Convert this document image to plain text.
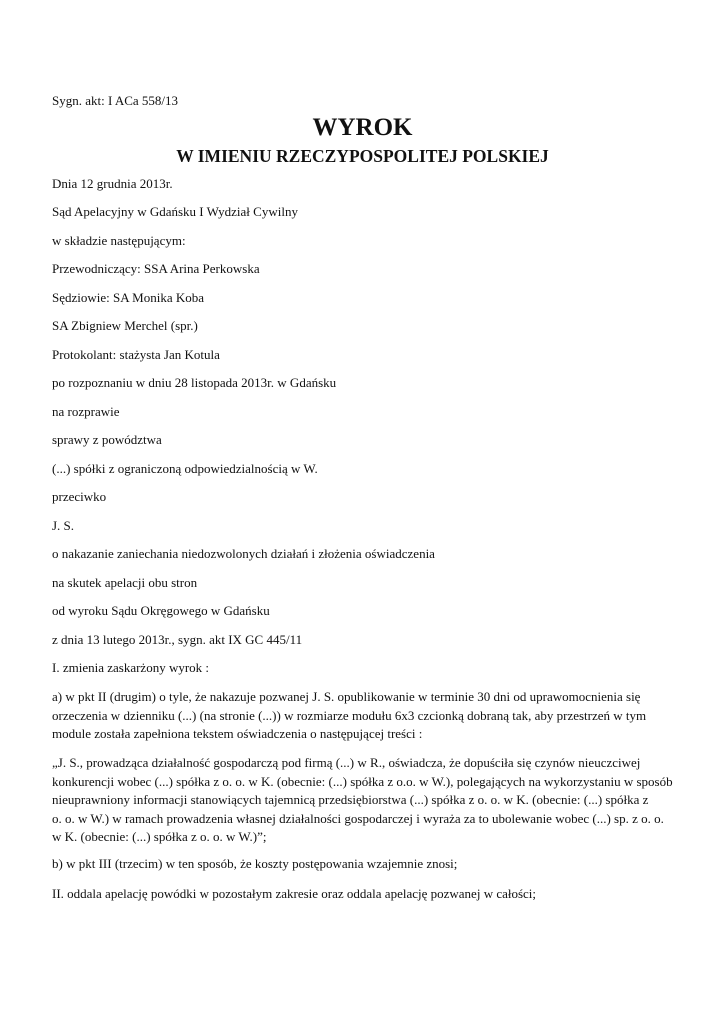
Sygn. akt: I ACa 558/13

WYROK
W IMIENIU RZECZYPOSPOLITEJ POLSKIEJ

Dnia 12 grudnia 2013r.

Sąd Apelacyjny w Gdańsku I Wydział Cywilny

w składzie następującym:

Przewodniczący: SSA Arina Perkowska

Sędziowie: SA Monika Koba

SA Zbigniew Merchel (spr.)

Protokolant: stażysta Jan Kotula

po rozpoznaniu w dniu 28 listopada 2013r. w Gdańsku

na rozprawie

sprawy z powództwa

(...) spółki z ograniczoną odpowiedzialnością w W.

przeciwko

J. S.

o nakazanie zaniechania niedozwolonych działań i złożenia oświadczenia

na skutek apelacji obu stron

od wyroku Sądu Okręgowego w Gdańsku

z dnia 13 lutego 2013r., sygn. akt IX GC 445/11

I. zmienia zaskarżony wyrok :

a) w pkt II (drugim) o tyle, że nakazuje pozwanej J. S. opublikowanie w terminie 30 dni od uprawomocnienia się
orzeczenia w dzienniku (...) (na stronie (...)) w rozmiarze modułu 6x3 czcionką dobraną tak, aby przestrzeń w tym
module została zapełniona tekstem oświadczenia o następującej treści :
„J. S., prowadząca działalność gospodarczą pod firmą (...) w R., oświadcza, że dopuściła się czynów nieuczciwej
konkurencji wobec (...) spółka z o. o. w K. (obecnie: (...) spółka z o.o. w W.), polegających na wykorzystaniu w sposób
nieuprawniony informacji stanowiących tajemnicą przedsiębiorstwa (...) spółka z o. o. w K. (obecnie: (...) spółka z
o. o. w W.) w ramach prowadzenia własnej działalności gospodarczej i wyraża za to ubolewanie wobec (...) sp. z o. o.
w K. (obecnie: (...) spółka z o. o. w W.)”;

b) w pkt III (trzecim) w ten sposób, że koszty postępowania wzajemnie znosi;

II. oddala apelację powódki w pozostałym zakresie oraz oddala apelację pozwanej w całości;
